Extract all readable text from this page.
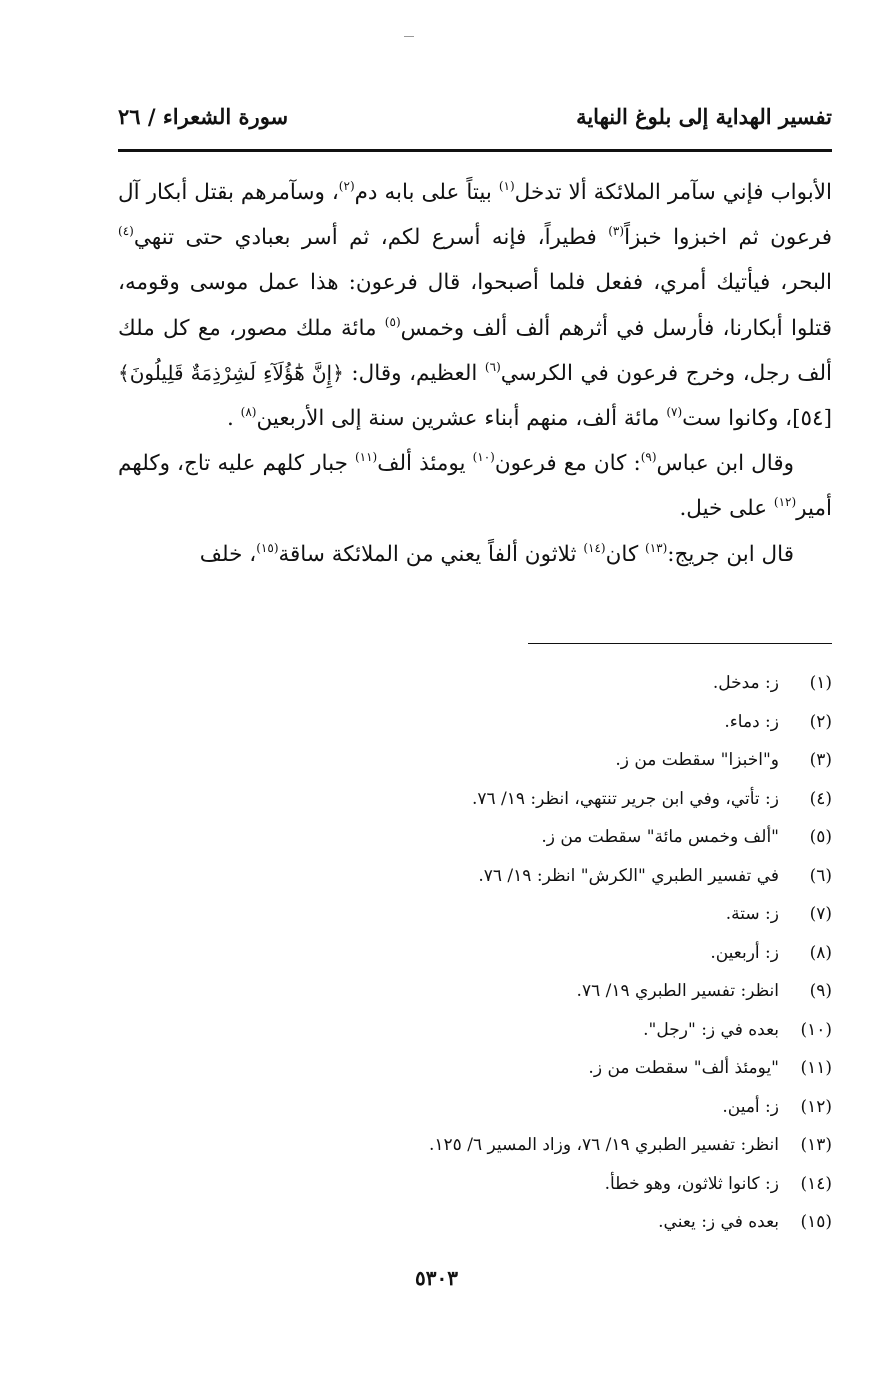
تفسير الهداية إلى بلوغ النهاية
سورة الشعراء / ٢٦

الأبواب فإني سآمر الملائكة ألا تدخل$^{(١)}$ بيتاً على بابه دم$^{(٢)}$، وسآمرهم بقتل أبكار آل فرعون ثم اخبزوا خبزاً$^{(٣)}$ فطيراً، فإنه أسرع لكم، ثم أسر بعبادي حتى تنهي$^{(٤)}$ البحر، فيأتيك أمري، ففعل فلما أصبحوا، قال فرعون: هذا عمل موسى وقومه، قتلوا أبكارنا، فأرسل في أثرهم ألف ألف وخمس$^{(٥)}$ مائة ملك مصور، مع كل ملك ألف رجل، وخرج فرعون في الكرسي$^{(٦)}$ العظيم، وقال: ﴿إِنَّ هَٰٓؤُلَآءِ لَشِرْذِمَةٌ قَلِيلُونَ﴾ [٥٤]، وكانوا ست$^{(٧)}$ مائة ألف، منهم أبناء عشرين سنة إلى الأربعين$^{(٨)}$ .

وقال ابن عباس$^{(٩)}$: كان مع فرعون$^{(١٠)}$ يومئذ ألف$^{(١١)}$ جبار كلهم عليه تاج، وكلهم أمير$^{(١٢)}$ على خيل.

قال ابن جريج:$^{(١٣)}$ كان$^{(١٤)}$ ثلاثون ألفاً يعني من الملائكة ساقة$^{(١٥)}$، خلف

(١)
ز: مدخل.
(٢)
ز: دماء.
(٣)
و"اخبزا" سقطت من ز.
(٤)
ز: تأتي، وفي ابن جرير تنتهي، انظر: ١٩/ ٧٦.
(٥)
"ألف وخمس مائة" سقطت من ز.
(٦)
في تفسير الطبري "الكرش" انظر: ١٩/ ٧٦.
(٧)
ز: ستة.
(٨)
ز: أربعين.
(٩)
انظر: تفسير الطبري ١٩/ ٧٦.
(١٠)
بعده في ز: "رجل".
(١١)
"يومئذ ألف" سقطت من ز.
(١٢)
ز: أمين.
(١٣)
انظر: تفسير الطبري ١٩/ ٧٦، وزاد المسير ٦/ ١٢٥.
(١٤)
ز: كانوا ثلاثون، وهو خطأ.
(١٥)
بعده في ز: يعني.
٥٣٠٣
